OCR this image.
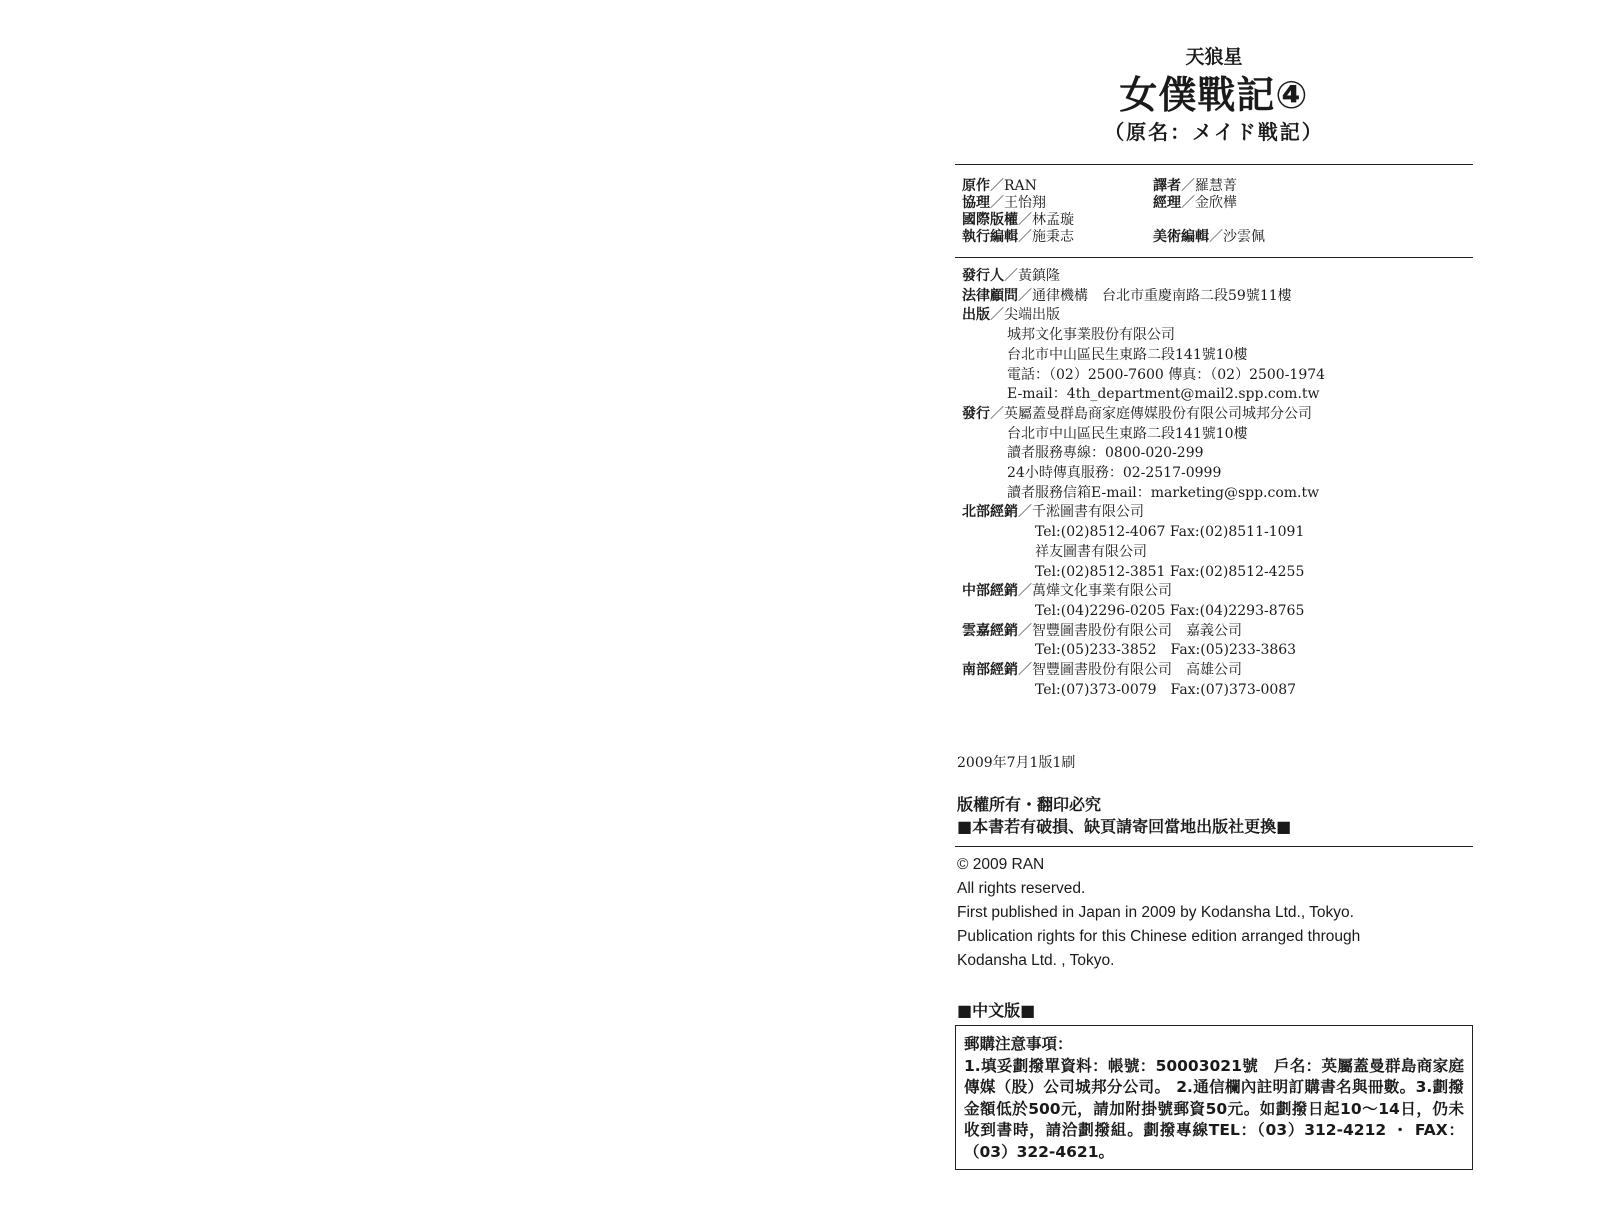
天狼星
女僕戰記④
（原名：メイド戦記）
原作／RAN	譯者／羅慧菁
協理／王怡翔	經理／金欣樺
國際版權／林孟璇
執行編輯／施秉志	美術編輯／沙雲佩
發行人／黃鎮隆
法律顧問／通律機構　台北市重慶南路二段59號11樓
出版／尖端出版
城邦文化事業股份有限公司
台北市中山區民生東路二段141號10樓
電話：（02）2500-7600 傳真：（02）2500-1974
E-mail：4th_department@mail2.spp.com.tw
發行／英屬蓋曼群島商家庭傳媒股份有限公司城邦分公司
台北市中山區民生東路二段141號10樓
讀者服務專線：0800-020-299
24小時傳真服務：02-2517-0999
讀者服務信箱E-mail：marketing@spp.com.tw
北部經銷／千淞圖書有限公司
Tel:(02)8512-4067 Fax:(02)8511-1091
祥友圖書有限公司
Tel:(02)8512-3851 Fax:(02)8512-4255
中部經銷／萬燁文化事業有限公司
Tel:(04)2296-0205 Fax:(04)2293-8765
雲嘉經銷／智豐圖書股份有限公司　嘉義公司
Tel:(05)233-3852　Fax:(05)233-3863
南部經銷／智豐圖書股份有限公司　高雄公司
Tel:(07)373-0079　Fax:(07)373-0087
2009年7月1版1刷
版權所有・翻印必究
■本書若有破損、缺頁請寄回當地出版社更換■
© 2009 RAN
All rights reserved.
First published in Japan in 2009 by Kodansha Ltd., Tokyo.
Publication rights for this Chinese edition arranged through
Kodansha Ltd. , Tokyo.
■中文版■
郵購注意事項：
1.填妥劃撥單資料：帳號：50003021號　戶名：英屬蓋曼群島商家庭傳媒（股）公司城邦分公司。 2.通信欄內註明訂購書名與冊數。3.劃撥金額低於500元，請加附掛號郵資50元。如劃撥日起10～14日，仍未收到書時，請洽劃撥組。劃撥專線TEL：（03）312-4212 ・ FAX：（03）322-4621。
